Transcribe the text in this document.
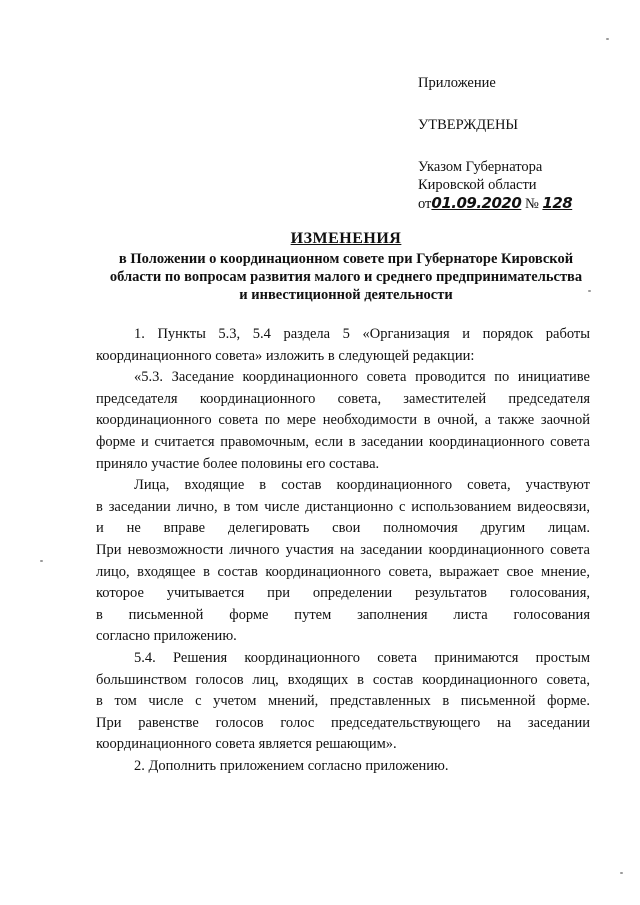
Приложение
УТВЕРЖДЕНЫ
Указом Губернатора
Кировской области
от01.09.2020 № 128
ИЗМЕНЕНИЯ
в Положении о координационном совете при Губернаторе Кировской
области по вопросам развития малого и среднего предпринимательства
и инвестиционной деятельности
1. Пункты 5.3, 5.4 раздела 5 «Организация и порядок работы
координационного совета» изложить в следующей редакции:
«5.3. Заседание координационного совета проводится по инициативе
председателя координационного совета, заместителей председателя
координационного совета по мере необходимости в очной, а также заочной
форме и считается правомочным, если в заседании координационного совета
приняло участие более половины его состава.
Лица, входящие в состав координационного совета, участвуют
в заседании лично, в том числе дистанционно с использованием видеосвязи,
и не вправе делегировать свои полномочия другим лицам.
При невозможности личного участия на заседании координационного совета
лицо, входящее в состав координационного совета, выражает свое мнение,
которое учитывается при определении результатов голосования,
в письменной форме путем заполнения листа голосования
согласно приложению.
5.4. Решения координационного совета принимаются простым
большинством голосов лиц, входящих в состав координационного совета,
в том числе с учетом мнений, представленных в письменной форме.
При равенстве голосов голос председательствующего на заседании
координационного совета является решающим».
2. Дополнить приложением согласно приложению.
